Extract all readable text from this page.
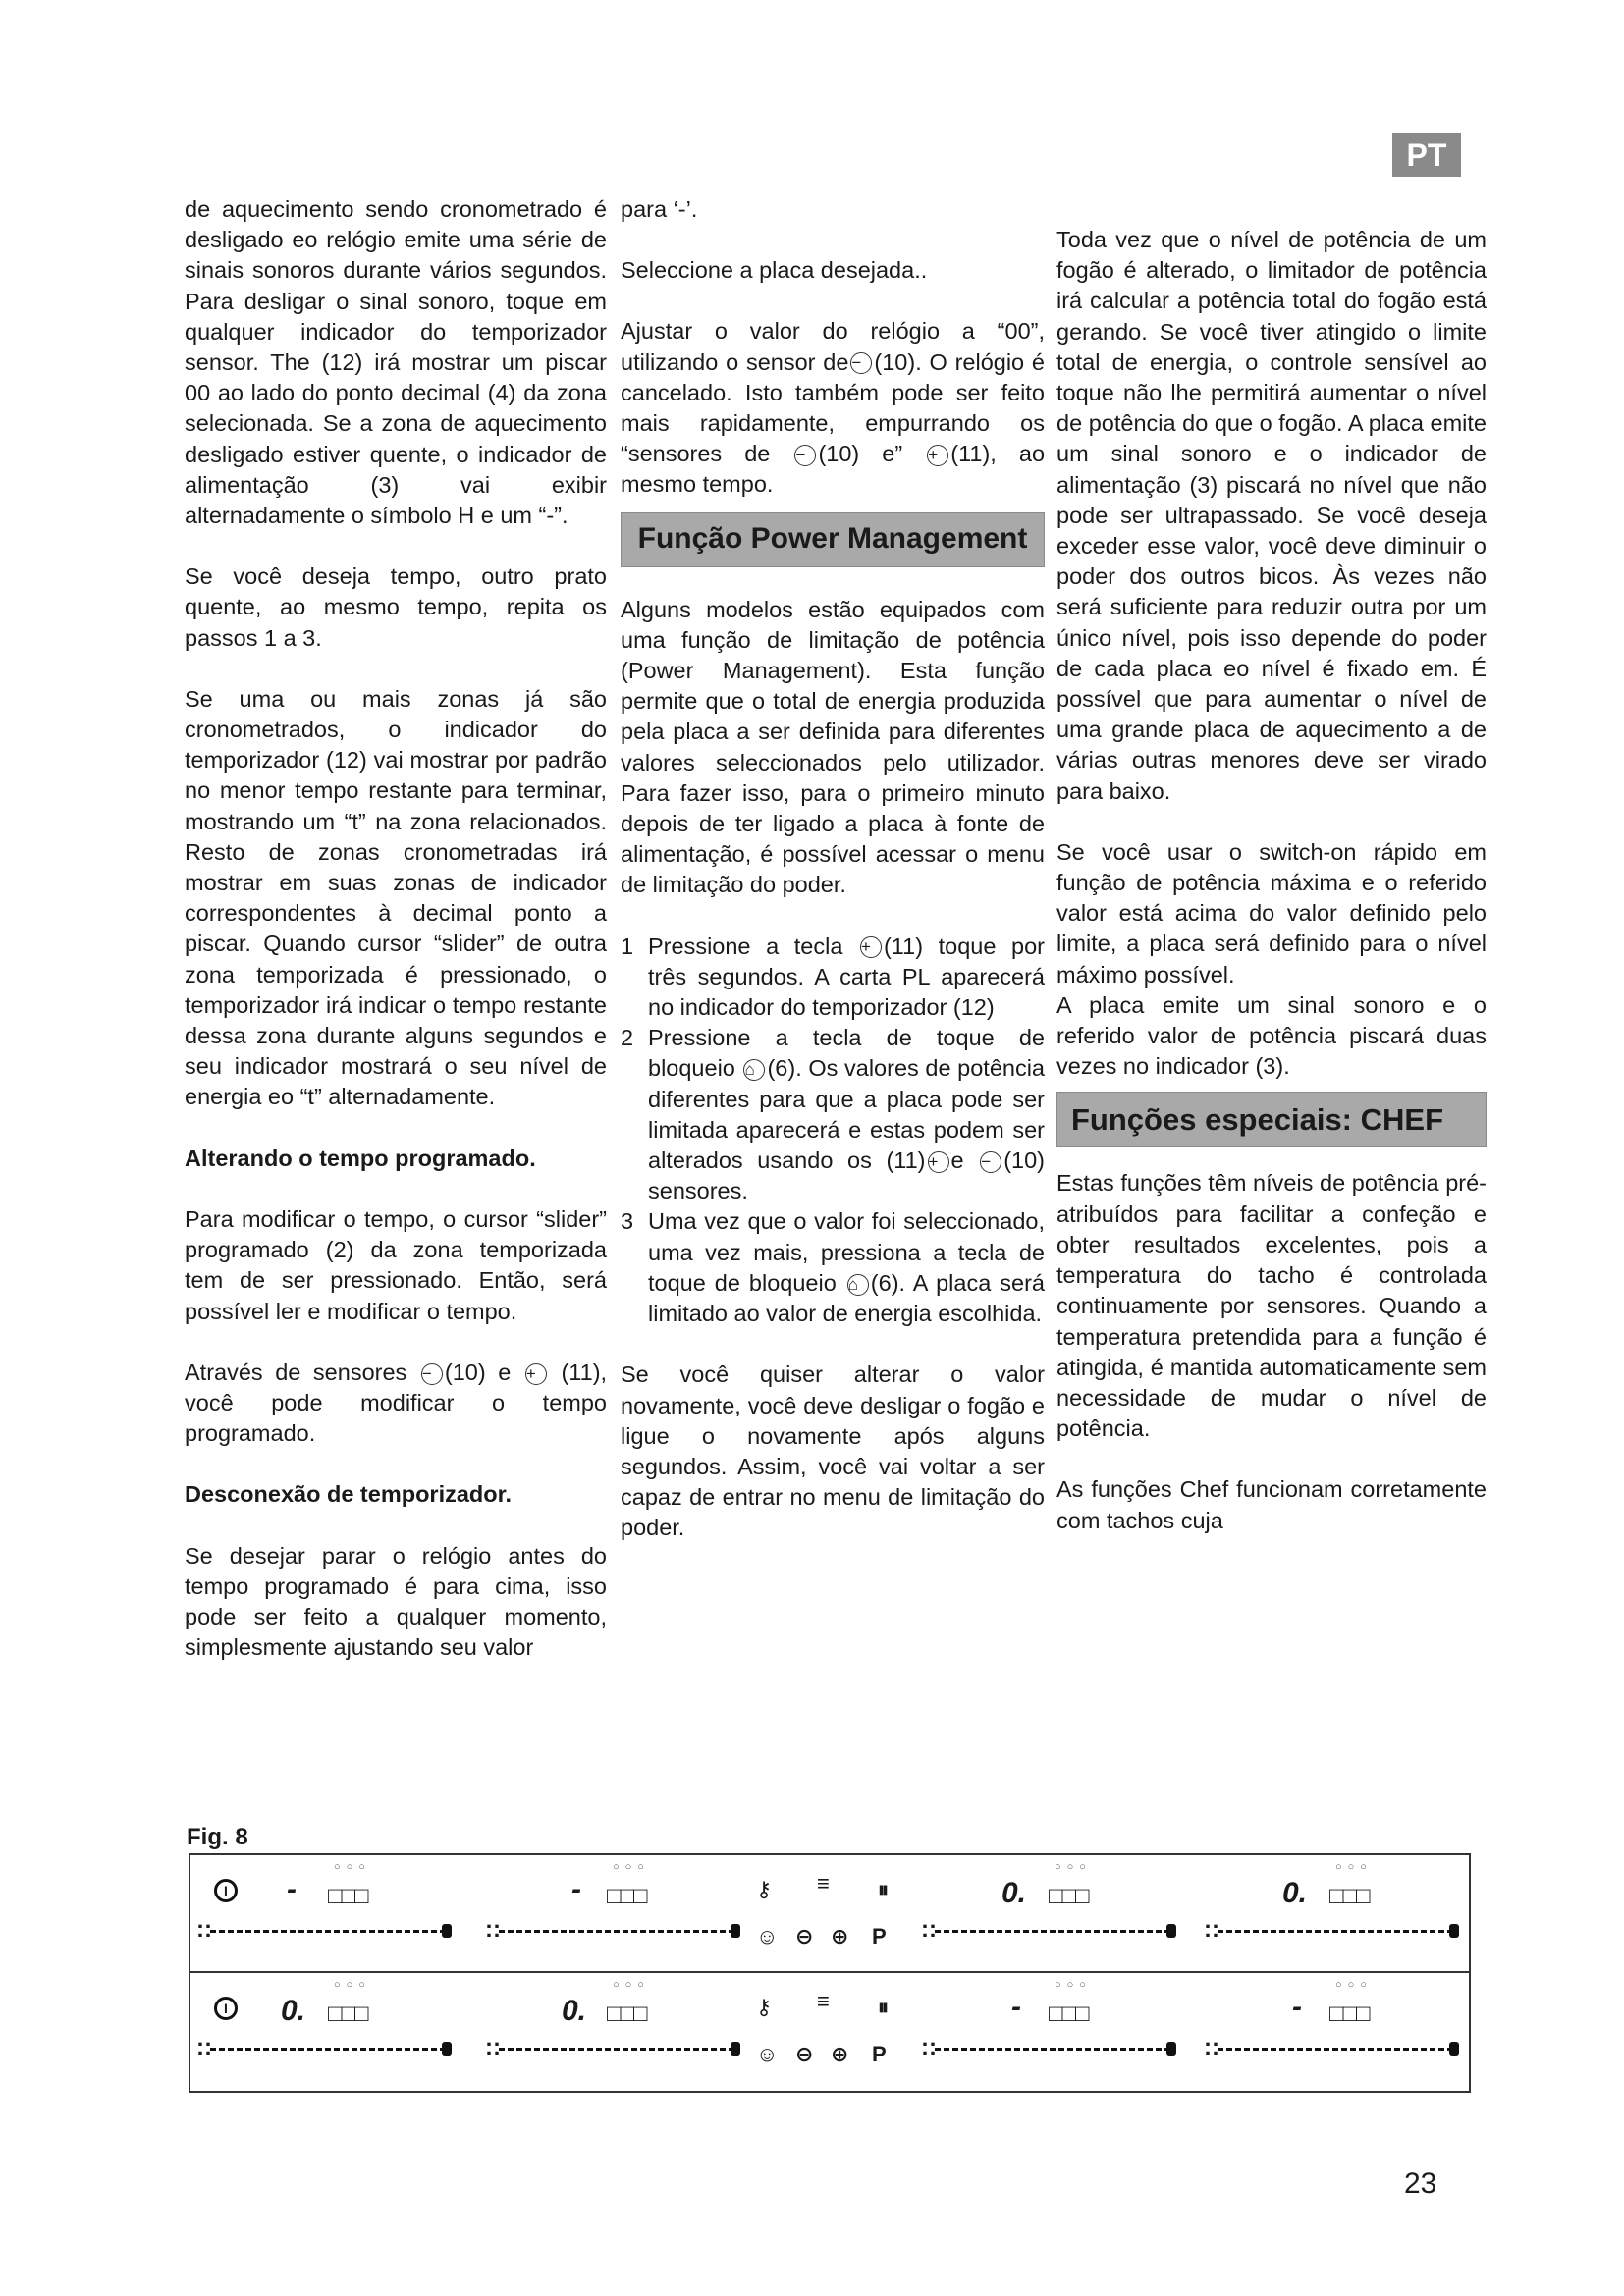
PT

de aquecimento sendo cronometrado é desligado eo relógio emite uma série de sinais sonoros durante vários segundos. Para desligar o sinal sonoro, toque em qualquer indicador do temporizador sensor. The (12) irá mostrar um piscar 00 ao lado do ponto decimal (4) da zona selecionada. Se a zona de aquecimento desligado estiver quente, o indicador de alimentação (3) vai exibir alternadamente o símbolo H e um “-”.

Se você deseja tempo, outro prato quente, ao mesmo tempo, repita os passos 1 a 3.

Se uma ou mais zonas já são cronometrados, o indicador do temporizador (12) vai mostrar por padrão no menor tempo restante para terminar, mostrando um “t” na zona relacionados. Resto de zonas cronometradas irá mostrar em suas zonas de indicador correspondentes à decimal ponto a piscar. Quando cursor “slider” de outra zona temporizada é pressionado, o temporizador irá indicar o tempo restante dessa zona durante alguns segundos e seu indicador mostrará o seu nível de energia eo “t” alternadamente.

Alterando o tempo programado.

Para modificar o tempo, o cursor “slider” programado (2) da zona temporizada tem de ser pressionado. Então, será possível ler e modificar o tempo.

Através de sensores − (10) e + (11), você pode modificar o tempo programado.

Desconexão de temporizador.

Se desejar parar o relógio antes do tempo programado é para cima, isso pode ser feito a qualquer momento, simplesmente ajustando seu valor

para ‘-’.

Seleccione a placa desejada..

Ajustar o valor do relógio a “00”, utilizando o sensor de − (10). O relógio é cancelado. Isto também pode ser feito mais rapidamente, empurrando os “sensores de − (10) e” + (11), ao mesmo tempo.

Função Power Management

Alguns modelos estão equipados com uma função de limitação de potência (Power Management). Esta função permite que o total de energia produzida pela placa a ser definida para diferentes valores seleccionados pelo utilizador. Para fazer isso, para o primeiro minuto depois de ter ligado a placa à fonte de alimentação, é possível acessar o menu de limitação do poder.

1 Pressione a tecla + (11) toque por três segundos. A carta PL aparecerá no indicador do temporizador (12)
2 Pressione a tecla de toque de bloqueio ⌂ (6). Os valores de potência diferentes para que a placa pode ser limitada aparecerá e estas podem ser alterados usando os (11) + e − (10) sensores.
3 Uma vez que o valor foi seleccionado, uma vez mais, pressiona a tecla de toque de bloqueio ⌂ (6). A placa será limitado ao valor de energia escolhida.

Se você quiser alterar o valor novamente, você deve desligar o fogão e ligue o novamente após alguns segundos. Assim, você vai voltar a ser capaz de entrar no menu de limitação do poder.

Toda vez que o nível de potência de um fogão é alterado, o limitador de potência irá calcular a potência total do fogão está gerando. Se você tiver atingido o limite total de energia, o controle sensível ao toque não lhe permitirá aumentar o nível de potência do que o fogão. A placa emite um sinal sonoro e o indicador de alimentação (3) piscará no nível que não pode ser ultrapassado. Se você deseja exceder esse valor, você deve diminuir o poder dos outros bicos. Às vezes não será suficiente para reduzir outra por um único nível, pois isso depende do poder de cada placa eo nível é fixado em. É possível que para aumentar o nível de uma grande placa de aquecimento a de várias outras menores deve ser virado para baixo.

Se você usar o switch-on rápido em função de potência máxima e o referido valor está acima do valor definido pelo limite, a placa será definido para o nível máximo possível.

A placa emite um sinal sonoro e o referido valor de potência piscará duas vezes no indicador (3).

Funções especiais: CHEF

Estas funções têm níveis de potência pré-atribuídos para facilitar a confeção e obter resultados excelentes, pois a temperatura do tacho é controlada continuamente por sensores. Quando a temperatura pretendida para a função é atingida, é mantida automaticamente sem necessidade de mudar o nível de potência.

As funções Chef funcionam corretamente com tachos cuja

Fig. 8
I	-
○○○
□□□
::
-
○○○
□□□
::
⚷ ≡ ⏸
☺ ⊖ ⊕ P
0.
○○○
□□□
::
0.
○○○
□□□
::
I	0.
○○○
□□□
::
0.
○○○
□□□
::
⚷ ≡ ⏸
☺ ⊖ ⊕ P
-
○○○
□□□
::
-
○○○
□□□
::
23
